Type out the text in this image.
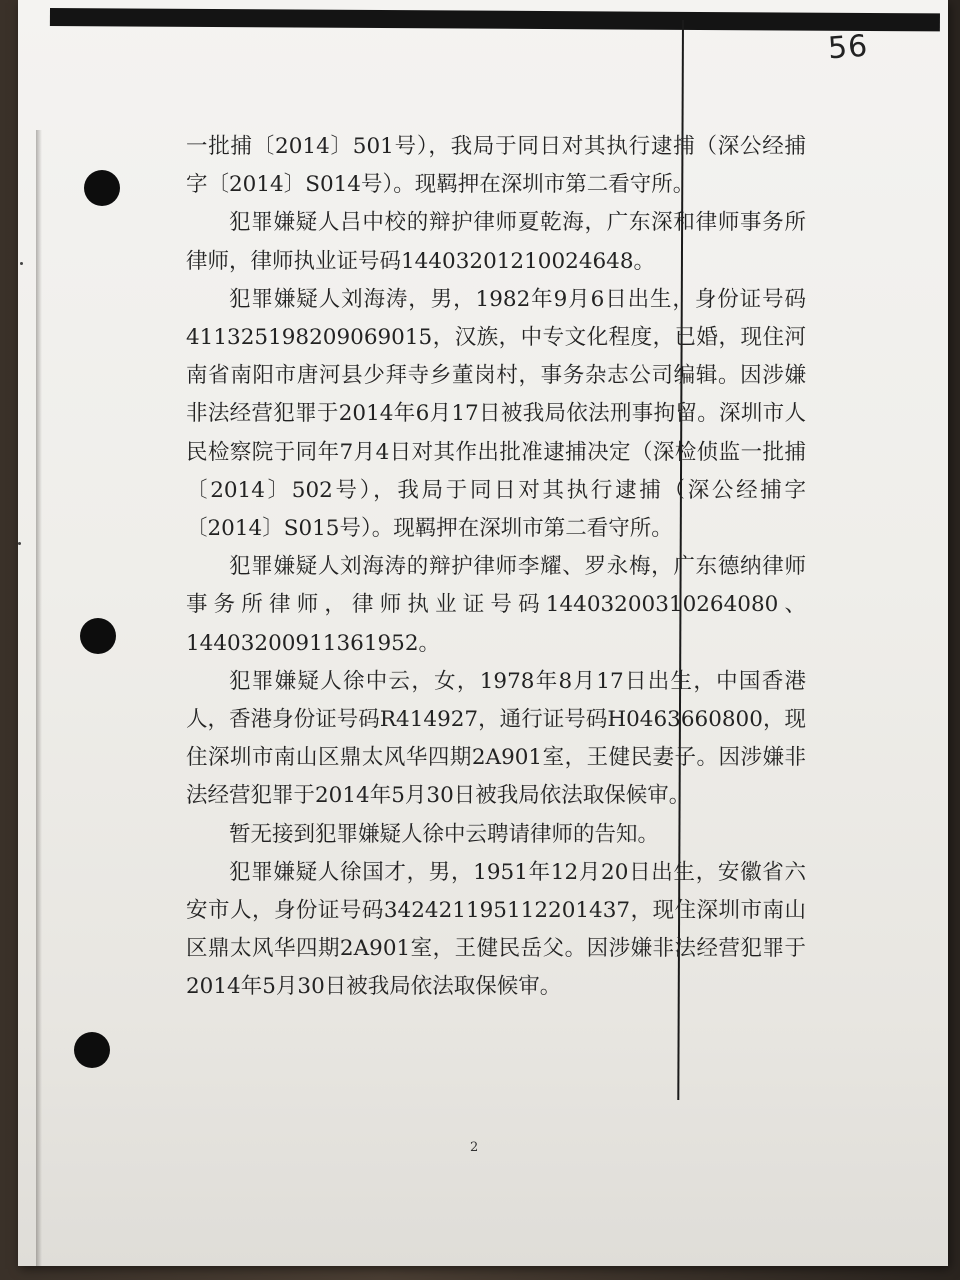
56

一批捕〔2014〕501号），我局于同日对其执行逮捕（深公经捕字〔2014〕S014号）。现羁押在深圳市第二看守所。

犯罪嫌疑人吕中校的辩护律师夏乾海，广东深和律师事务所律师，律师执业证号码14403201210024648。

犯罪嫌疑人刘海涛，男，1982年9月6日出生，身份证号码411325198209069015，汉族，中专文化程度，已婚，现住河南省南阳市唐河县少拜寺乡董岗村，事务杂志公司编辑。因涉嫌非法经营犯罪于2014年6月17日被我局依法刑事拘留。深圳市人民检察院于同年7月4日对其作出批准逮捕决定（深检侦监一批捕〔2014〕502号），我局于同日对其执行逮捕（深公经捕字〔2014〕S015号）。现羁押在深圳市第二看守所。

犯罪嫌疑人刘海涛的辩护律师李耀、罗永梅，广东德纳律师事务所律师，律师执业证号码14403200310264080、14403200911361952。

犯罪嫌疑人徐中云，女，1978年8月17日出生，中国香港人，香港身份证号码R414927，通行证号码H0463660800，现住深圳市南山区鼎太风华四期2A901室，王健民妻子。因涉嫌非法经营犯罪于2014年5月30日被我局依法取保候审。

暂无接到犯罪嫌疑人徐中云聘请律师的告知。

犯罪嫌疑人徐国才，男，1951年12月20日出生，安徽省六安市人，身份证号码342421195112201437，现住深圳市南山区鼎太风华四期2A901室，王健民岳父。因涉嫌非法经营犯罪于2014年5月30日被我局依法取保候审。

2
